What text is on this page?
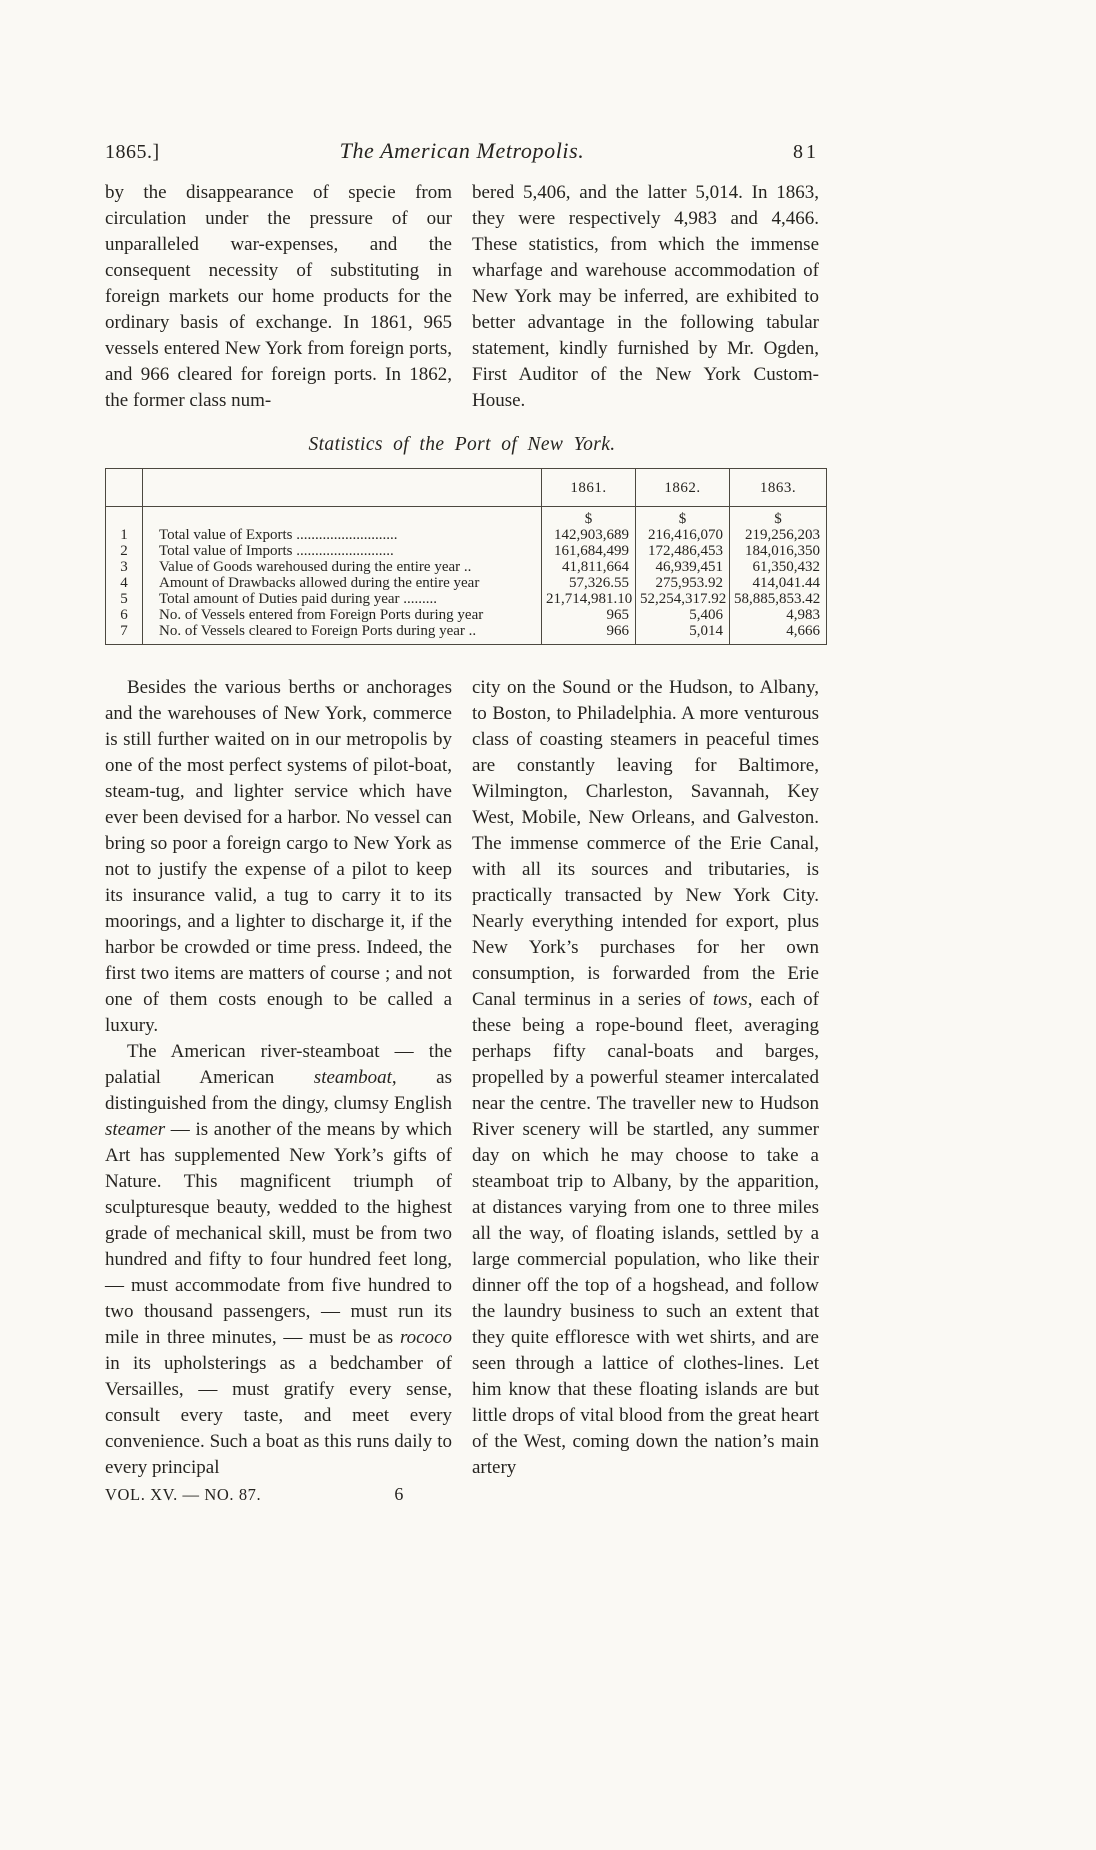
1865.]	The American Metropolis.	81

by the disappearance of specie from circulation under the pressure of our unparalleled war-expenses, and the consequent necessity of substituting in foreign markets our home products for the ordinary basis of exchange. In 1861, 965 vessels entered New York from foreign ports, and 966 cleared for foreign ports. In 1862, the former class num-

bered 5,406, and the latter 5,014. In 1863, they were respectively 4,983 and 4,466. These statistics, from which the immense wharfage and warehouse accommodation of New York may be inferred, are exhibited to better advantage in the following tabular statement, kindly furnished by Mr. Ogden, First Auditor of the New York Custom-House.

Statistics of the Port of New York.
		1861.	1862.	1863.
		$	$	$
1	Total value of Exports ...........................	142,903,689	216,416,070	219,256,203
2	Total value of Imports ..........................	161,684,499	172,486,453	184,016,350
3	Value of Goods warehoused during the entire year ..	41,811,664	46,939,451	61,350,432
4	Amount of Drawbacks allowed during the entire year	57,326.55	275,953.92	414,041.44
5	Total amount of Duties paid during year .........	21,714,981.10	52,254,317.92	58,885,853.42
6	No. of Vessels entered from Foreign Ports during year	965	5,406	4,983
7	No. of Vessels cleared to Foreign Ports during year ..	966	5,014	4,666

Besides the various berths or anchorages and the warehouses of New York, commerce is still further waited on in our metropolis by one of the most perfect systems of pilot-boat, steam-tug, and lighter service which have ever been devised for a harbor. No vessel can bring so poor a foreign cargo to New York as not to justify the expense of a pilot to keep its insurance valid, a tug to carry it to its moorings, and a lighter to discharge it, if the harbor be crowded or time press. Indeed, the first two items are matters of course ; and not one of them costs enough to be called a luxury.

The American river-steamboat — the palatial American steamboat, as distinguished from the dingy, clumsy English steamer — is another of the means by which Art has supplemented New York’s gifts of Nature. This magnificent triumph of sculpturesque beauty, wedded to the highest grade of mechanical skill, must be from two hundred and fifty to four hundred feet long, — must accommodate from five hundred to two thousand passengers, — must run its mile in three minutes, — must be as rococo in its upholsterings as a bedchamber of Versailles, — must gratify every sense, consult every taste, and meet every convenience. Such a boat as this runs daily to every principal

VOL. XV. — NO. 87.	6

city on the Sound or the Hudson, to Albany, to Boston, to Philadelphia. A more venturous class of coasting steamers in peaceful times are constantly leaving for Baltimore, Wilmington, Charleston, Savannah, Key West, Mobile, New Orleans, and Galveston. The immense commerce of the Erie Canal, with all its sources and tributaries, is practically transacted by New York City. Nearly everything intended for export, plus New York’s purchases for her own consumption, is forwarded from the Erie Canal terminus in a series of tows, each of these being a rope-bound fleet, averaging perhaps fifty canal-boats and barges, propelled by a powerful steamer intercalated near the centre. The traveller new to Hudson River scenery will be startled, any summer day on which he may choose to take a steamboat trip to Albany, by the apparition, at distances varying from one to three miles all the way, of floating islands, settled by a large commercial population, who like their dinner off the top of a hogshead, and follow the laundry business to such an extent that they quite effloresce with wet shirts, and are seen through a lattice of clothes-lines. Let him know that these floating islands are but little drops of vital blood from the great heart of the West, coming down the nation’s main artery
